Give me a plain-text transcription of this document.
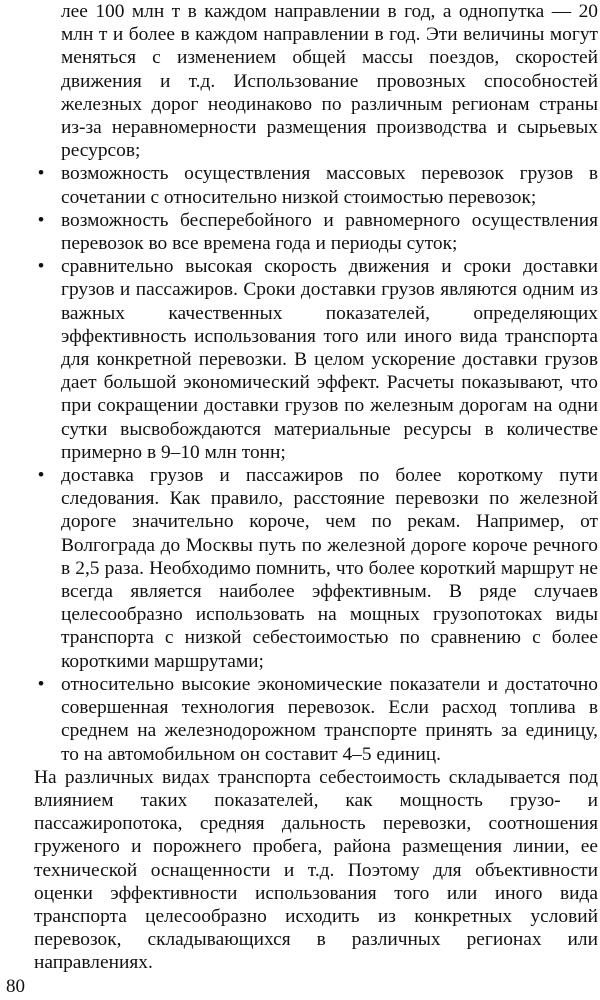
лее 100 млн т в каждом направлении в год, а однопутка — 20 млн т и более в каждом направлении в год. Эти величины могут меняться с изменением общей массы поездов, скоростей движения и т.д. Использование провозных способностей железных дорог неодинаково по различным регионам страны из-за неравномерности размещения производства и сырьевых ресурсов;

• возможность осуществления массовых перевозок грузов в сочетании с относительно низкой стоимостью перевозок;
• возможность бесперебойного и равномерного осуществления перевозок во все времена года и периоды суток;
• сравнительно высокая скорость движения и сроки доставки грузов и пассажиров. Сроки доставки грузов являются одним из важных качественных показателей, определяющих эффективность использования того или иного вида транспорта для конкретной перевозки. В целом ускорение доставки грузов дает большой экономический эффект. Расчеты показывают, что при сокращении доставки грузов по железным дорогам на одни сутки высвобождаются материальные ресурсы в количестве примерно в 9–10 млн тонн;
• доставка грузов и пассажиров по более короткому пути следования. Как правило, расстояние перевозки по железной дороге значительно короче, чем по рекам. Например, от Волгограда до Москвы путь по железной дороге короче речного в 2,5 раза. Необходимо помнить, что более короткий маршрут не всегда является наиболее эффективным. В ряде случаев целесообразно использовать на мощных грузопотоках виды транспорта с низкой себестоимостью по сравнению с более короткими маршрутами;
• относительно высокие экономические показатели и достаточно совершенная технология перевозок. Если расход топлива в среднем на железнодорожном транспорте принять за единицу, то на автомобильном он составит 4–5 единиц.

На различных видах транспорта себестоимость складывается под влиянием таких показателей, как мощность грузо- и пассажиропотока, средняя дальность перевозки, соотношения груженого и порожнего пробега, района размещения линии, ее технической оснащенности и т.д. Поэтому для объективности оценки эффективности использования того или иного вида транспорта целесообразно исходить из конкретных условий перевозок, складывающихся в различных регионах или направлениях.

80
